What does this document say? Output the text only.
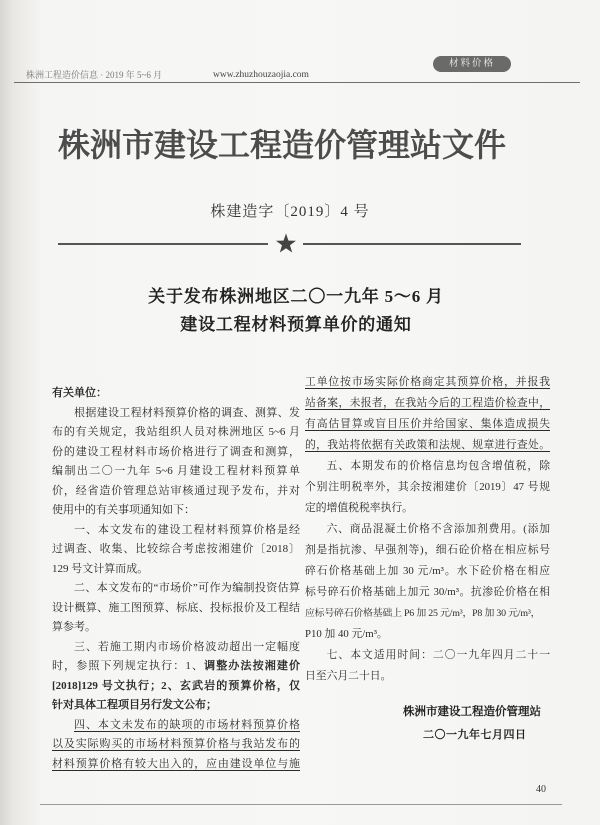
株洲工程造价信息 · 2019 年 5~6 月	www.zhuzhouzaojia.com
材料价格
株洲市建设工程造价管理站文件
株建造字〔2019〕4 号
关于发布株洲地区二〇一九年 5～6 月
建设工程材料预算单价的通知
有关单位：
根据建设工程材料预算价格的调查、测算、发
布的有关规定，我站组织人员对株洲地区 5~6 月
份的建设工程材料市场价格进行了调查和测算，
编制出二〇一九年 5~6 月建设工程材料预算单
价，经省造价管理总站审核通过现予发布，并对
使用中的有关事项通知如下：
一、本文发布的建设工程材料预算价格是经
过调查、收集、比较综合考虑按湘建价〔2018〕
129 号文计算而成。
二、本文发布的“市场价”可作为编制投资估算
设计概算、施工图预算、标底、投标报价及工程结
算参考。
三、若施工期内市场价格波动超出一定幅度
时，参照下列规定执行：1、调整办法按湘建价
[2018]129 号文执行；2、玄武岩的预算价格，仅
针对具体工程项目另行发文公布；
四、本文未发布的缺项的市场材料预算价格
以及实际购买的市场材料预算价格与我站发布的
材料预算价格有较大出入的，应由建设单位与施
工单位按市场实际价格商定其预算价格，并报我
站备案，未报者，在我站今后的工程造价检查中，
有高估冒算或盲目压价并给国家、集体造成损失
的，我站将依据有关政策和法规、规章进行查处。
五、本期发布的价格信息均包含增值税，除
个别注明税率外，其余按湘建价〔2019〕47 号规
定的增值税税率执行。
六、商品混凝土价格不含添加剂费用。(添加
剂是指抗渗、早强剂等)，细石砼价格在相应标号
碎石价格基础上加 30 元/m³。水下砼价格在相应
标号碎石价格基础上加元 30/m³。抗渗砼价格在相
应标号碎石价格基础上 P6 加 25 元/m³，P8 加 30 元/m³，
P10 加 40 元/m³。
七、本文适用时间：二〇一九年四月二十一
日至六月二十日。
株洲市建设工程造价管理站
二〇一九年七月四日
40
